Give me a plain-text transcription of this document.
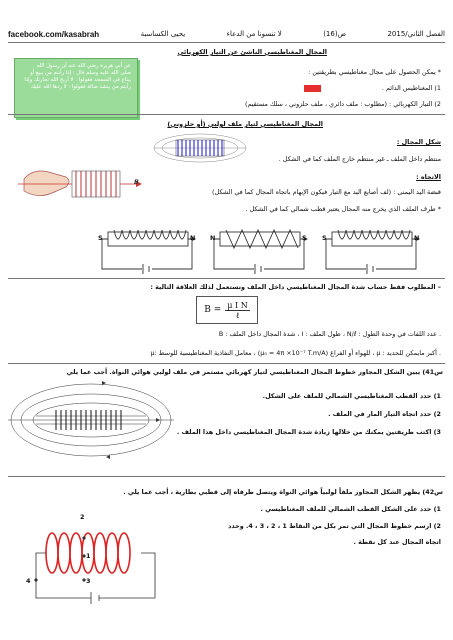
facebook.com/kasabrah	يحيى الكساسبة	لا تنسونا من الدعاء	ص(16)	الفصل الثاني/2015
عن أبي هريرة رضي الله عنه أن رسول الله
صلى الله عليه وسلم قال : إذا رأيتم من يبيع أو
يبتاع في المسجد فقولوا : لا أربح الله تجارتك وإذا
رأيتم من ينشد ضالة فقولوا : لا ردها الله عليك
المجال المغناطيسي الناشئ عن التيار الكهربائي
* يمكن الحصول على مجال مغناطيسي بطريقتين :
1) المغناطيس الدائم .
2) التيار الكهربائي : (مطلوب : ملف دائري ، ملف حلزوني ، سلك مستقيم)
المجال المغناطيسي لتيار ملف لولبي (أو حلزوني)
شكل المجال :
منتظم داخل الملف ـ غير منتظم خارج الملف كما في الشكل .
الاتجاه :
قبضة اليد اليمنى : (لف أصابع اليد مع التيار فيكون الإبهام باتجاه المجال كما في الشكل)
* طرف الملف الذي يخرج منه المجال يعتبر قطب شمالي كما في الشكل .
B
S	N N	S S	N
– المطلوب فقط حساب شدة المجال المغناطيسي داخل الملف ونستعمل لذلك العلاقة التالية :
B = μ I N
ℓ
B : شدة المجال داخل الملف ، I : طول الملف ، N/ℓ : عدد اللفات في وحدة الطول .
μ: معامل النفاذية المغناطيسية للوسط ، (μ₀ = 4π ×10⁻⁷ T.m/A) للهواء أو الفراغ ، μ : أكبر مايمكن للحديد .
س41) يبين الشكل المجاور خطوط المجال المغناطيسي لتيار كهربائي مستمر في ملف لولبي هوائي النواة. أجب عما يلي
1) حدد القطب المغناطيسي الشمالي للملف على الشكل.
2) حدد اتجاه التيار المار في الملف .
3) اكتب طريقتين يمكنك من خلالها زيادة شدة المجال المغناطيسي داخل هذا الملف .
س42) يظهر الشكل المجاور ملفاً لولبياً هوائي النواة ويتصل طرفاه إلى قطبي بطارية ، أجب عما يلي .
1) حدد على الشكل القطب الشمالي للملف المغناطيسي .
2) ارسم خطوط المجال التي تمر بكل من النقاط 1 ، 2 ، 3 ، 4. وحدد
اتجاه المجال عند كل نقطة .
2
1
3
4
